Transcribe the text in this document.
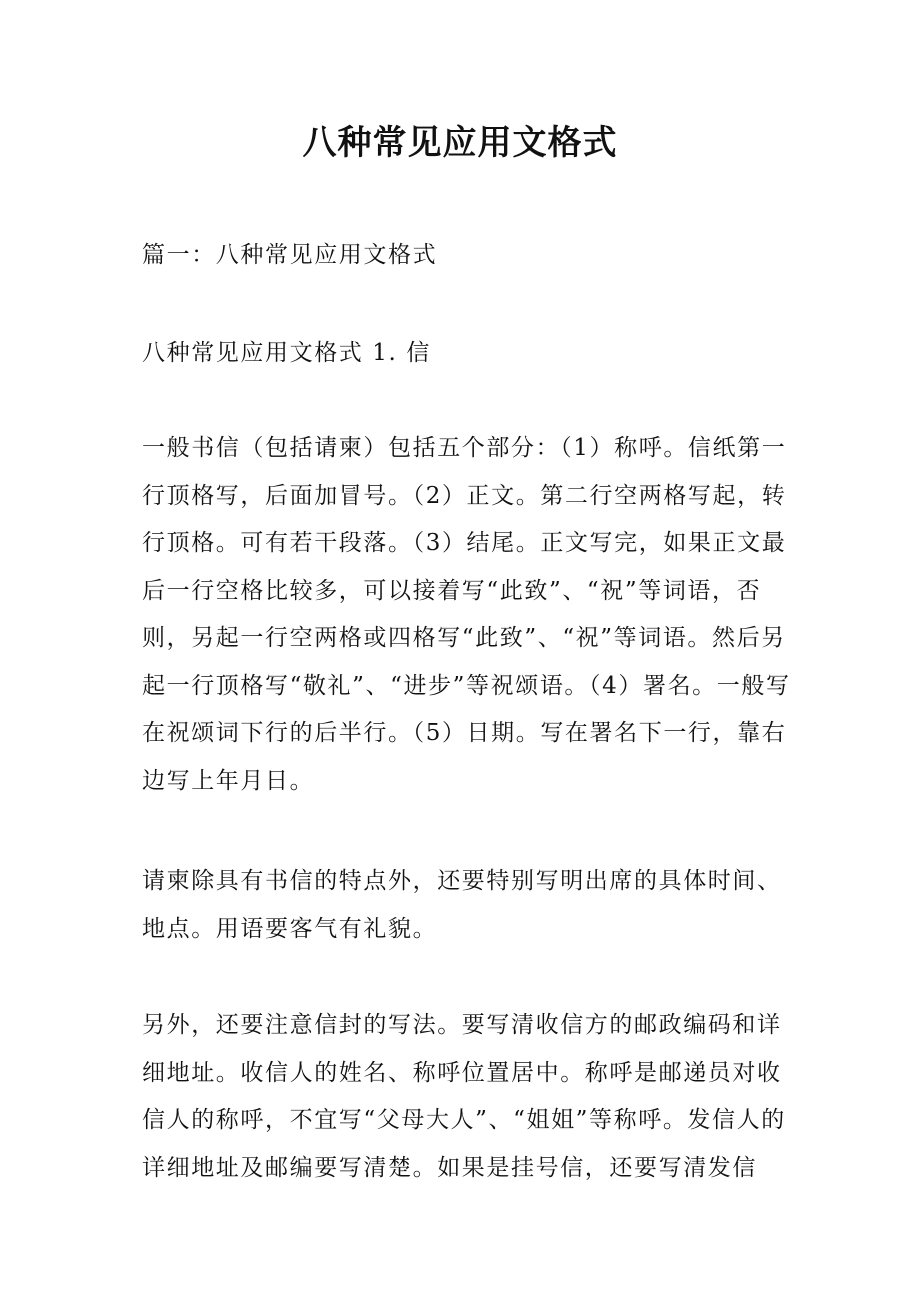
八种常见应用文格式
篇一：八种常见应用文格式
八种常见应用文格式 1. 信
一般书信（包括请柬）包括五个部分：（1）称呼。信纸第一行顶格写，后面加冒号。（2）正文。第二行空两格写起，转行顶格。可有若干段落。（3）结尾。正文写完，如果正文最后一行空格比较多，可以接着写“此致”、“祝”等词语，否则，另起一行空两格或四格写“此致”、“祝”等词语。然后另起一行顶格写“敬礼”、“进步”等祝颂语。（4）署名。一般写在祝颂词下行的后半行。（5）日期。写在署名下一行，靠右边写上年月日。
请柬除具有书信的特点外，还要特别写明出席的具体时间、地点。用语要客气有礼貌。
另外，还要注意信封的写法。要写清收信方的邮政编码和详细地址。收信人的姓名、称呼位置居中。称呼是邮递员对收信人的称呼，不宜写“父母大人”、“姐姐”等称呼。发信人的详细地址及邮编要写清楚。如果是挂号信，还要写清发信
